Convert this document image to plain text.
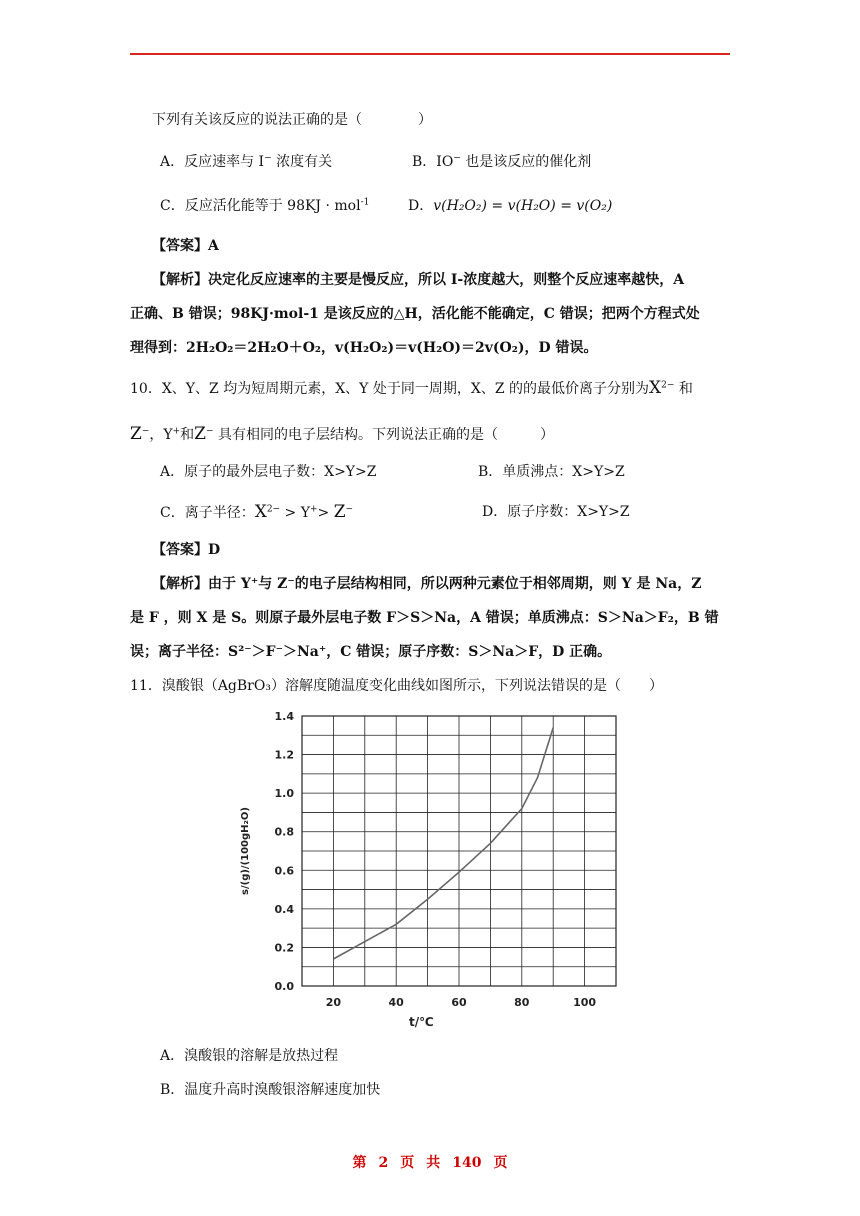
下列有关该反应的说法正确的是（　　　　）
A．反应速率与 I− 浓度有关	B．IO− 也是该反应的催化剂
C．反应活化能等于 98KJ · mol$^{-1}$	D．v(H₂O₂) = v(H₂O) = v(O₂)
【答案】A
【解析】决定化反应速率的主要是慢反应，所以 I-浓度越大，则整个反应速率越快，A
正确、B 错误；98KJ·mol-1 是该反应的△H，活化能不能确定，C 错误；把两个方程式处
理得到：2H₂O₂＝2H₂O＋O₂，v(H₂O₂)＝v(H₂O)＝2v(O₂)，D 错误。
10．X、Y、Z 均为短周期元素，X、Y 处于同一周期，X、Z 的的最低价离子分别为$X^{2-}$ 和
Z−，Y+和Z− 具有相同的电子层结构。下列说法正确的是（　　　）
A．原子的最外层电子数：X>Y>Z	B．单质沸点：X>Y>Z
C．离子半径：$X^{2-} > Y^+> Z^-$	D．原子序数：X>Y>Z
【答案】D
【解析】由于 Y⁺与 Z⁻的电子层结构相同，所以两种元素位于相邻周期，则 Y 是 Na，Z
是 F ，则 X 是 S。则原子最外层电子数 F＞S＞Na，A 错误；单质沸点：S＞Na＞F₂，B 错
误；离子半径：S²⁻＞F⁻＞Na⁺，C 错误；原子序数：S＞Na＞F，D 正确。
11．溴酸银（AgBrO₃）溶解度随温度变化曲线如图所示，下列说法错误的是（　　）
0.0
0.2
0.4
0.6
0.8
1.0
1.2
1.4
20	40	60	80	100
s/(g)/(100gH₂O)
t/℃
A．溴酸银的溶解是放热过程
B．温度升高时溴酸银溶解速度加快
第 2 页 共 140 页
